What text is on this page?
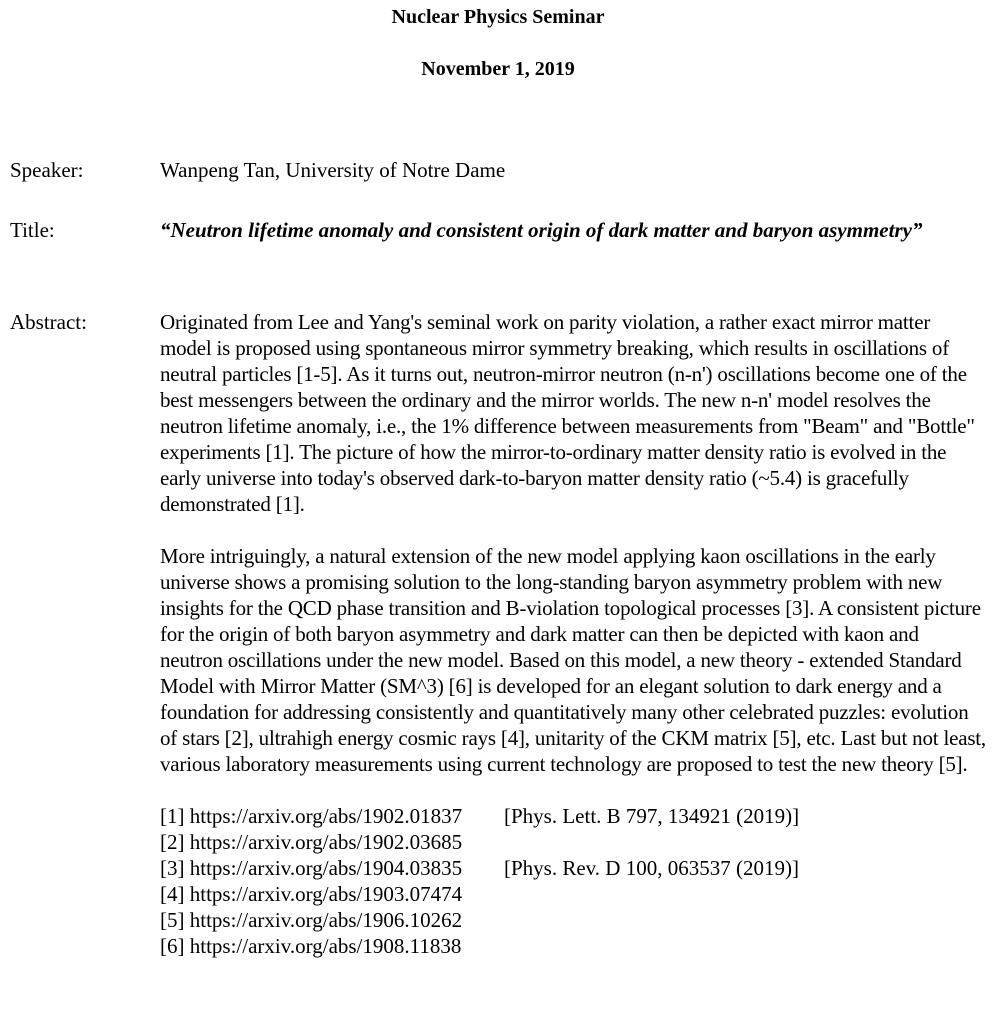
Nuclear Physics Seminar
November 1, 2019
Speaker:	Wanpeng Tan, University of Notre Dame
Title:	“Neutron lifetime anomaly and consistent origin of dark matter and baryon asymmetry”
Abstract:	Originated from Lee and Yang's seminal work on parity violation, a rather exact mirror matter model is proposed using spontaneous mirror symmetry breaking, which results in oscillations of neutral particles [1-5]. As it turns out, neutron-mirror neutron (n-n') oscillations become one of the best messengers between the ordinary and the mirror worlds. The new n-n' model resolves the neutron lifetime anomaly, i.e., the 1% difference between measurements from "Beam" and "Bottle" experiments [1]. The picture of how the mirror-to-ordinary matter density ratio is evolved in the early universe into today's observed dark-to-baryon matter density ratio (~5.4) is gracefully demonstrated [1].

More intriguingly, a natural extension of the new model applying kaon oscillations in the early universe shows a promising solution to the long-standing baryon asymmetry problem with new insights for the QCD phase transition and B-violation topological processes [3]. A consistent picture for the origin of both baryon asymmetry and dark matter can then be depicted with kaon and neutron oscillations under the new model. Based on this model, a new theory - extended Standard Model with Mirror Matter (SM^3) [6] is developed for an elegant solution to dark energy and a foundation for addressing consistently and quantitatively many other celebrated puzzles: evolution of stars [2], ultrahigh energy cosmic rays [4], unitarity of the CKM matrix [5], etc. Last but not least, various laboratory measurements using current technology are proposed to test the new theory [5].

[1] https://arxiv.org/abs/1902.01837 [Phys. Lett. B 797, 134921 (2019)]
[2] https://arxiv.org/abs/1902.03685
[3] https://arxiv.org/abs/1904.03835 [Phys. Rev. D 100, 063537 (2019)]
[4] https://arxiv.org/abs/1903.07474
[5] https://arxiv.org/abs/1906.10262
[6] https://arxiv.org/abs/1908.11838
